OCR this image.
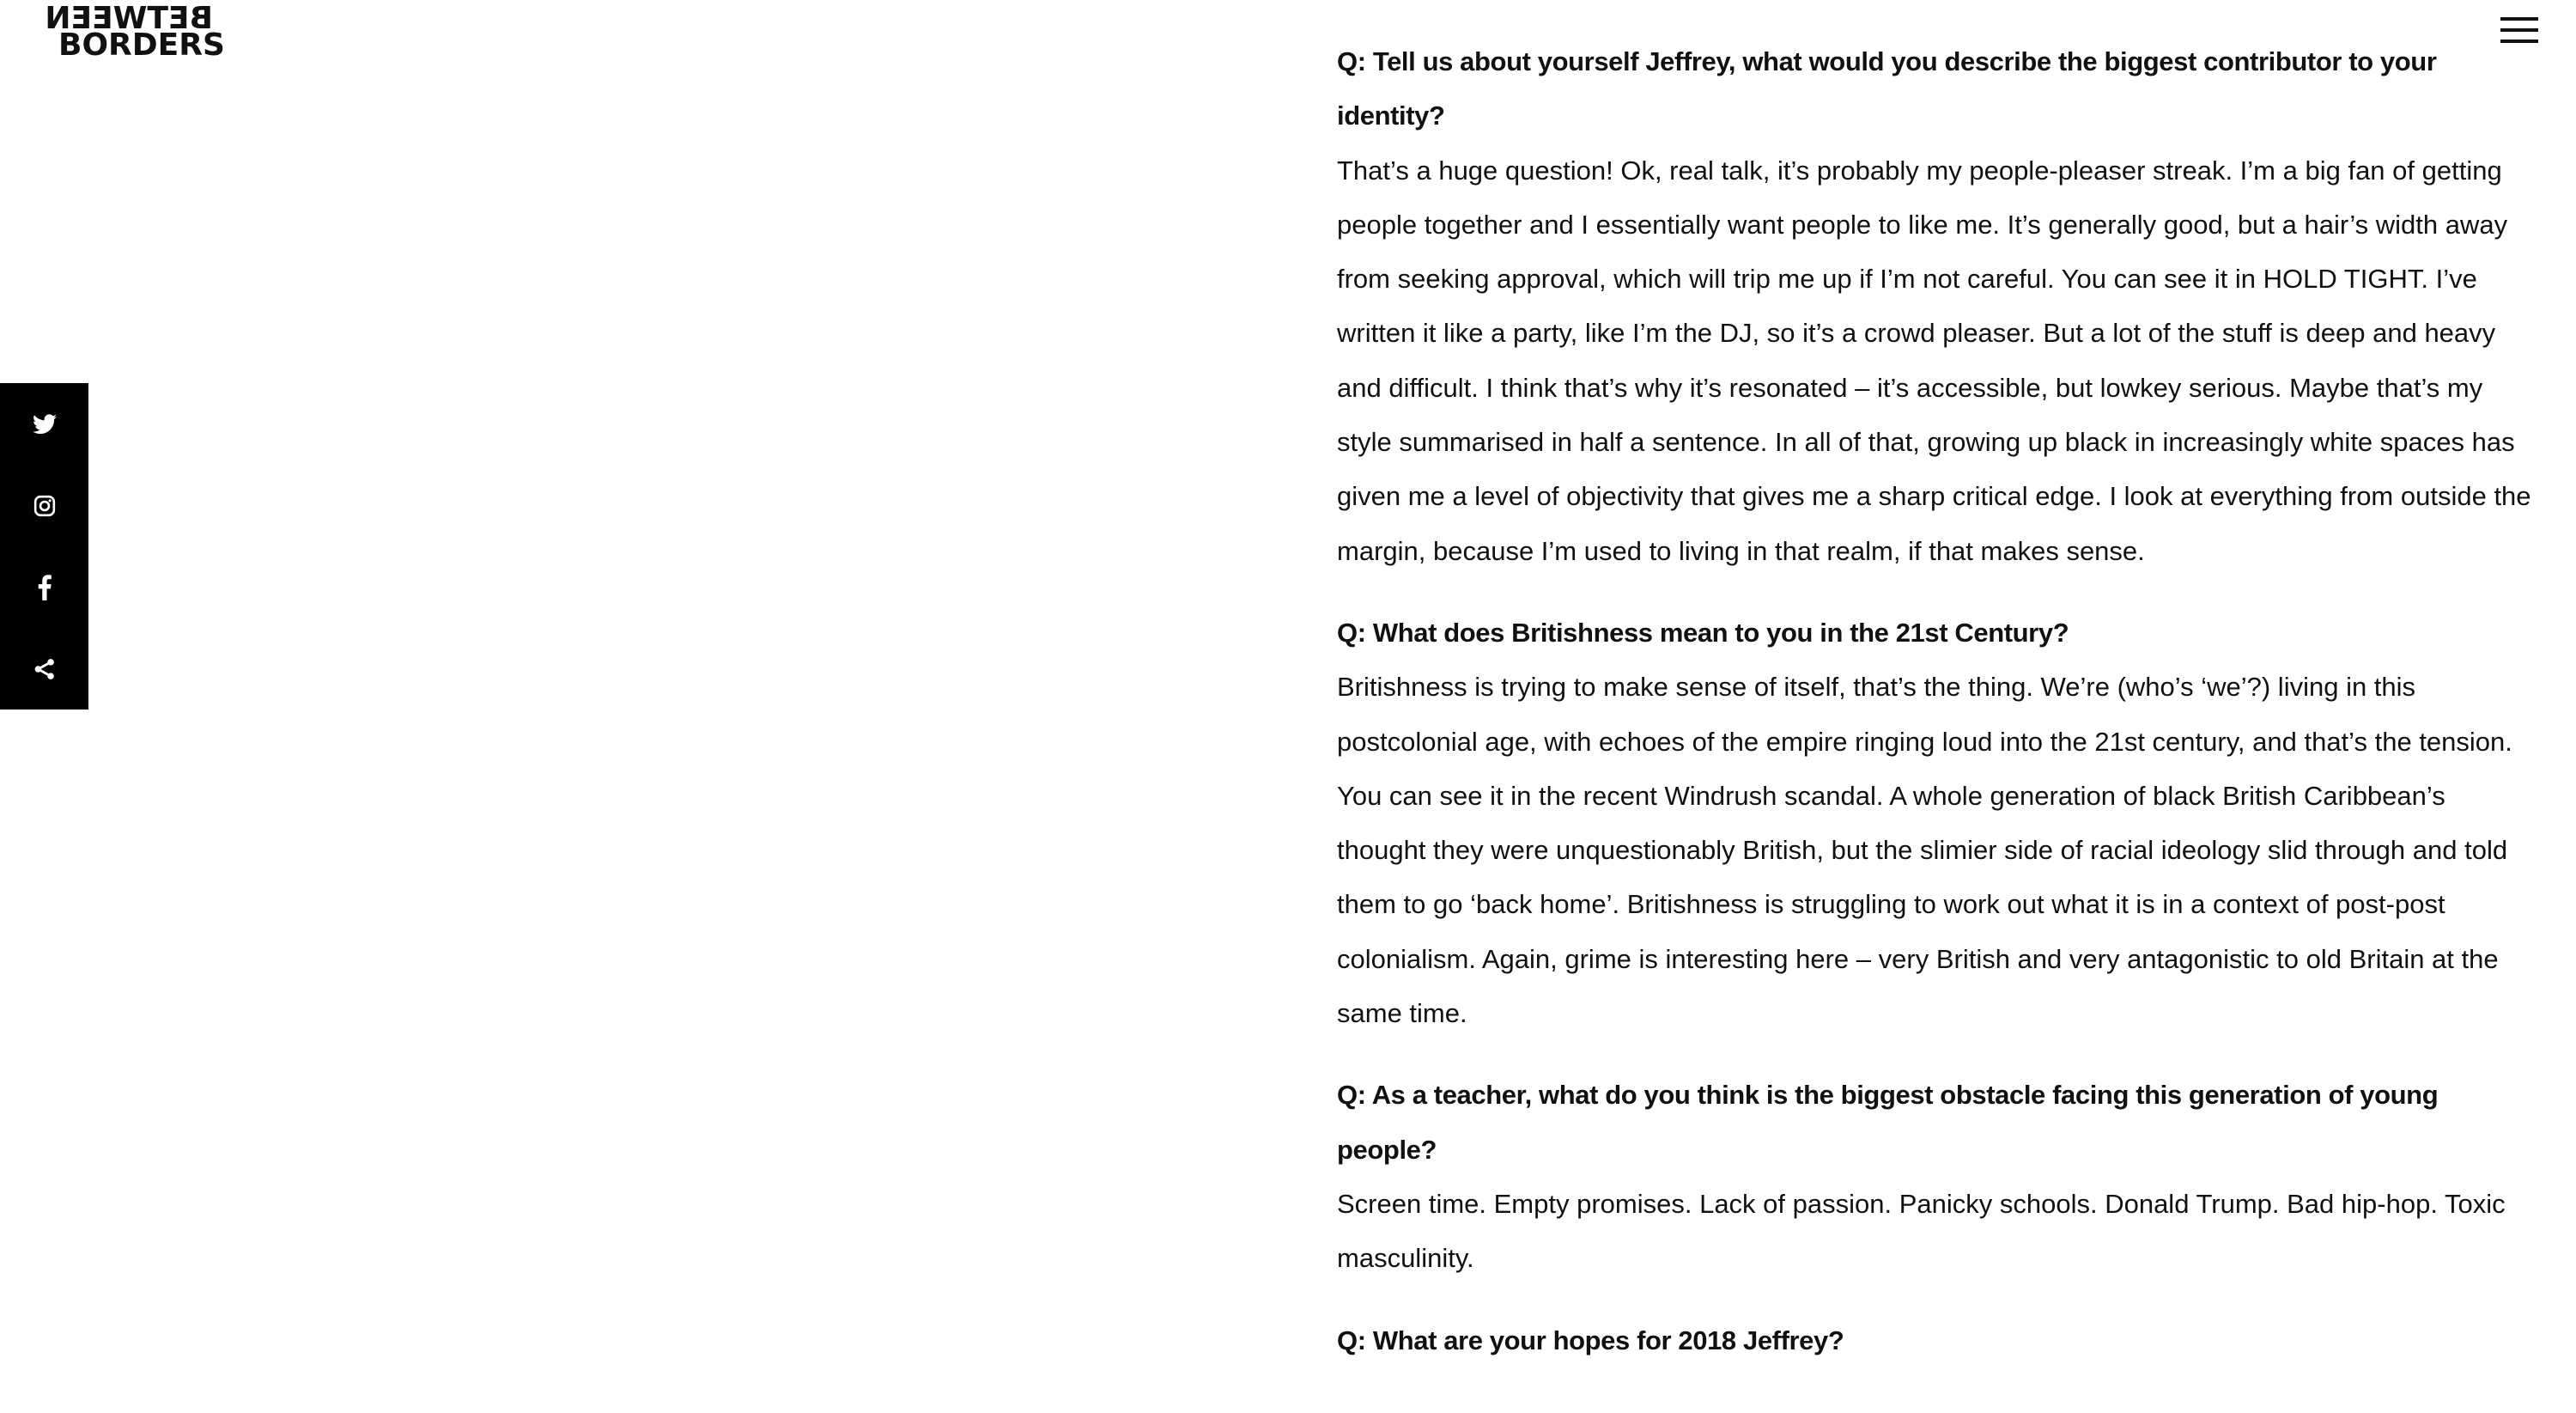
BETWEEN
BORDERS	Q: Tell us about yourself Jeffrey, what would you describe the biggest contributor to your identity?

That’s a huge question! Ok, real talk, it’s probably my people-pleaser streak. I’m a big fan of getting people together and I essentially want people to like me. It’s generally good, but a hair’s width away from seeking approval, which will trip me up if I’m not careful. You can see it in HOLD TIGHT. I’ve written it like a party, like I’m the DJ, so it’s a crowd pleaser. But a lot of the stuff is deep and heavy and difficult. I think that’s why it’s resonated – it’s accessible, but lowkey serious. Maybe that’s my style summarised in half a sentence. In all of that, growing up black in increasingly white spaces has given me a level of objectivity that gives me a sharp critical edge. I look at everything from outside the margin, because I’m used to living in that realm, if that makes sense.

Q: What does Britishness mean to you in the 21st Century?

Britishness is trying to make sense of itself, that’s the thing. We’re (who’s ‘we’?) living in this postcolonial age, with echoes of the empire ringing loud into the 21st century, and that’s the tension. You can see it in the recent Windrush scandal. A whole generation of black British Caribbean’s thought they were unquestionably British, but the slimier side of racial ideology slid through and told them to go ‘back home’. Britishness is struggling to work out what it is in a context of post-post colonialism. Again, grime is interesting here – very British and very antagonistic to old Britain at the same time.

Q: As a teacher, what do you think is the biggest obstacle facing this generation of young people?

Screen time. Empty promises. Lack of passion. Panicky schools. Donald Trump. Bad hip-hop. Toxic masculinity.

Q: What are your hopes for 2018 Jeffrey?
